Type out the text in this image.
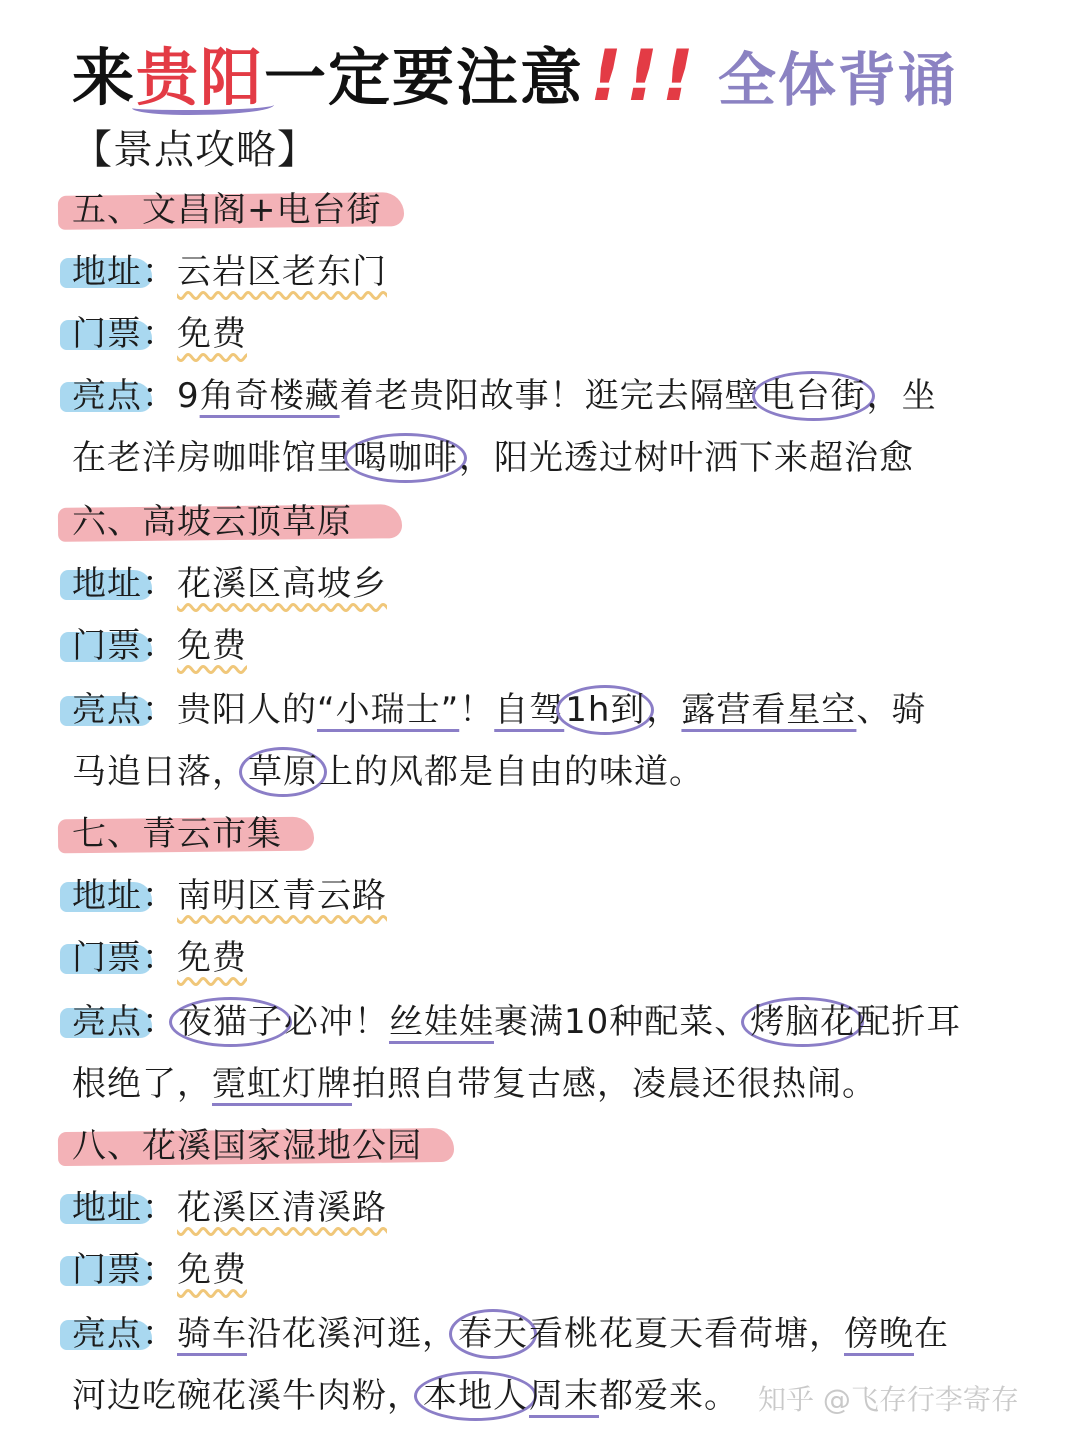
来贵阳一定要注意!!! 全体背诵
【景点攻略】
五、文昌阁+电台街
地址：云岩区老东门
门票：免费
亮点：9角奇楼藏着老贵阳故事！逛完去隔壁电台街，坐
在老洋房咖啡馆里喝咖啡，阳光透过树叶洒下来超治愈
六、高坡云顶草原
地址：花溪区高坡乡
门票：免费
亮点：贵阳人的“小瑞士”！自驾1h到，露营看星空、骑
马追日落，草原上的风都是自由的味道。
七、青云市集
地址：南明区青云路
门票：免费
亮点：夜猫子必冲！丝娃娃裹满10种配菜、烤脑花配折耳
根绝了，霓虹灯牌拍照自带复古感，凌晨还很热闹。
八、花溪国家湿地公园
地址：花溪区清溪路
门票：免费
亮点：骑车沿花溪河逛，春天看桃花夏天看荷塘，傍晚在
河边吃碗花溪牛肉粉，本地人周末都爱来。 知乎 @飞存行李寄存
